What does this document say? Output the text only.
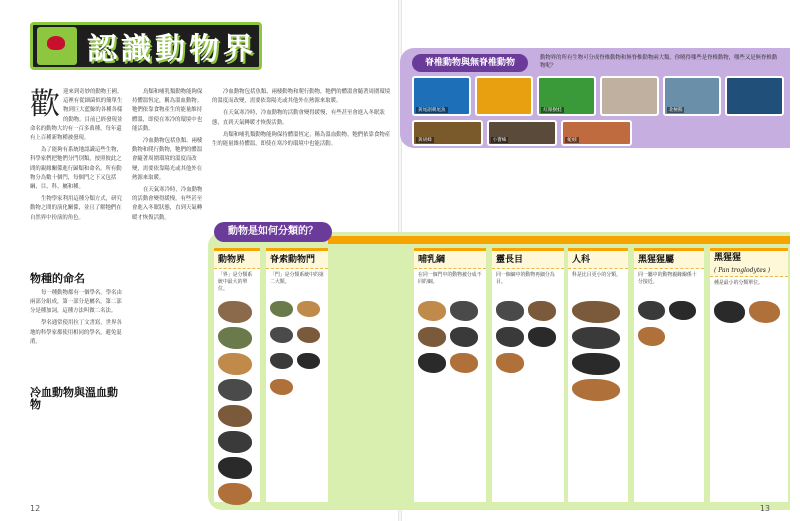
認識動物界
歡 迎來到奇妙的動物王國。這裡有從細菌似的簡單生物到巨大藍鯨的各種各樣的動物。目前已經發現並命名的動物大約有一百多萬種，每年還有上百種新物種被發現。

為了能夠有系統地認識這些生物，科學家們把牠們分門別類，按照彼此之間的親緣關係進行歸類和命名。所有動物分為數十個門，每個門之下又包括綱、目、科、屬和種。

生物學家利用這種分類方式，研究動物之間的演化關係，並且了解牠們在自然界中扮演的角色。

物種的命名

每一種動物都有一個學名。學名由兩部分組成，第一部分是屬名，第二部分是種加詞，這種方法叫做二名法。

學名通常使用拉丁文書寫，世界各地的科學家都使用相同的學名，避免混淆。

冷血動物與溫血動物

鳥類和哺乳類動物能夠保持體溫恆定，稱為溫血動物。牠們依靠食物產生的能量維持體溫，即使在寒冷的環境中也能活動。

冷血動物包括魚類、兩棲動物和爬行動物，牠們的體溫會隨著周圍環境的溫度而改變，需要依靠陽光或其他外在熱源來取暖。

在天氣寒冷時，冷血動物的活動會變得緩慢，有些甚至會進入冬眠狀態，直到天氣轉暖才恢復活動。

冷血動物包括魚類、兩棲動物和爬行動物，牠們的體溫會隨著周圍環境的溫度而改變，需要依靠陽光或其他外在熱源來取暖。

在天氣寒冷時，冷血動物的活動會變得緩慢，有些甚至會進入冬眠狀態，直到天氣轉暖才恢復活動。

鳥類和哺乳類動物能夠保持體溫恆定，稱為溫血動物。牠們依靠食物產生的能量維持體溫，即使在寒冷的環境中也能活動。

12
脊椎動物與無脊椎動物	動物界的所有生物可分成脊椎動物和無脊椎動物兩大類。你曉得哪些是脊椎動物，哪些又是無脊椎動物呢？
黃尾副刺尾魚	紅眼樹蛙	北極熊
黃胡蜂	小寶蛛	蚯蚓
動物是如何分類的？
動物界
「界」是分類系統中最大的單位。
脊索動物門
「門」是分類系統中的第二大類。
哺乳綱
在同一個門中的動物被分成不同的綱。
靈長目
同一個綱中的動物再細分為目。
人科
科是比目更小的分類。
黑猩猩屬
同一屬中的動物親緣關係十分接近。
黑猩猩
( Pan troglodytes )
種是最小的分類單位。
13
